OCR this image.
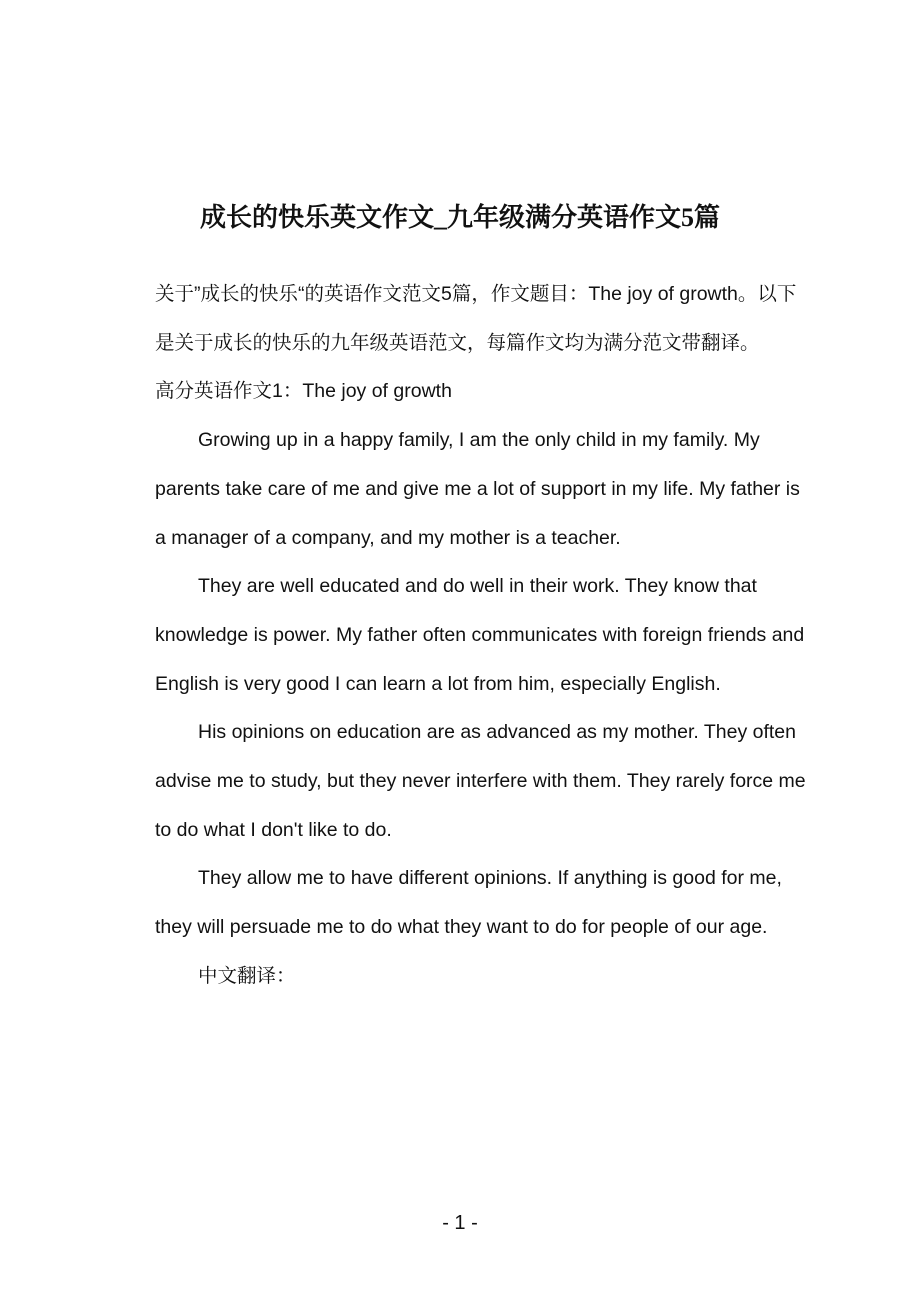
成长的快乐英文作文_九年级满分英语作文5篇

关于”成长的快乐“的英语作文范文5篇，作文题目：The joy of growth。以下是关于成长的快乐的九年级英语范文，每篇作文均为满分范文带翻译。

高分英语作文1：The joy of growth

Growing up in a happy family, I am the only child in my family. My parents take care of me and give me a lot of support in my life. My father is a manager of a company, and my mother is a teacher.

They are well educated and do well in their work. They know that knowledge is power. My father often communicates with foreign friends and English is very good I can learn a lot from him, especially English.

His opinions on education are as advanced as my mother. They often advise me to study, but they never interfere with them. They rarely force me to do what I don't like to do.

They allow me to have different opinions. If anything is good for me, they will persuade me to do what they want to do for people of our age.

中文翻译：

- 1 -
